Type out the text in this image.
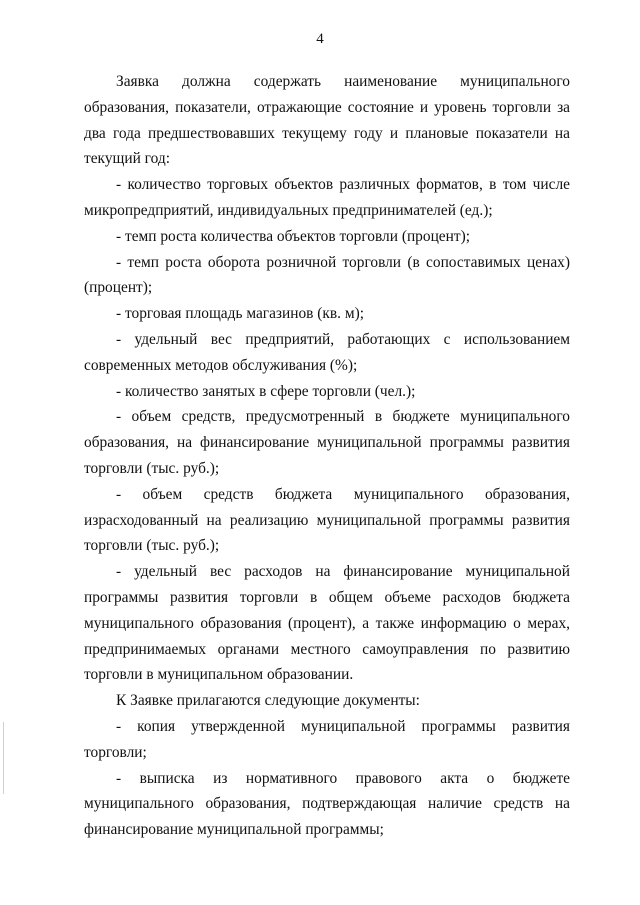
4

Заявка должна содержать наименование муниципального образования, показатели, отражающие состояние и уровень торговли за два года предшествовавших текущему году и плановые показатели на текущий год:

- количество торговых объектов различных форматов, в том числе микропредприятий, индивидуальных предпринимателей (ед.);

- темп роста количества объектов торговли (процент);

- темп роста оборота розничной торговли (в сопоставимых ценах) (процент);

- торговая площадь магазинов (кв. м);

- удельный вес предприятий, работающих с использованием современных методов обслуживания (%);

- количество занятых в сфере торговли (чел.);

- объем средств, предусмотренный в бюджете муниципального образования, на финансирование муниципальной программы развития торговли (тыс. руб.);

- объем средств бюджета муниципального образования, израсходованный на реализацию муниципальной программы развития торговли (тыс. руб.);

- удельный вес расходов на финансирование муниципальной программы развития торговли в общем объеме расходов бюджета муниципального образования (процент), а также информацию о мерах, предпринимаемых органами местного самоуправления по развитию торговли в муниципальном образовании.

К Заявке прилагаются следующие документы:

- копия утвержденной муниципальной программы развития торговли;

- выписка из нормативного правового акта о бюджете муниципального образования, подтверждающая наличие средств на финансирование муниципальной программы;
